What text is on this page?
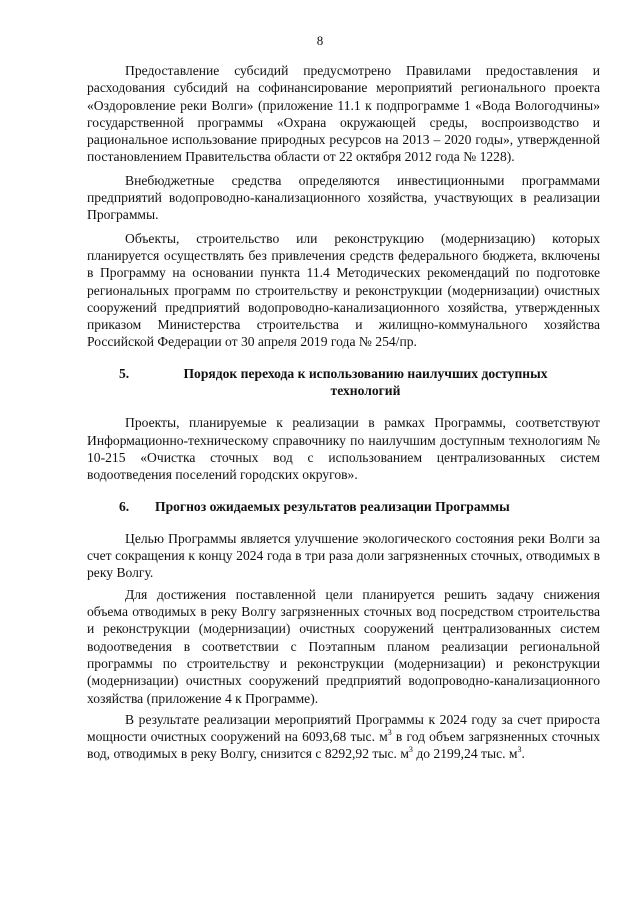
8

Предоставление субсидий предусмотрено Правилами предоставления и расходования субсидий на софинансирование мероприятий регионального проекта «Оздоровление реки Волги» (приложение 11.1 к подпрограмме 1 «Вода Вологодчины» государственной программы «Охрана окружающей среды, воспроизводство и рациональное использование природных ресурсов на 2013 – 2020 годы», утвержденной постановлением Правительства области от 22 октября 2012 года № 1228).

Внебюджетные средства определяются инвестиционными программами предприятий водопроводно-канализационного хозяйства, участвующих в реализации Программы.

Объекты, строительство или реконструкцию (модернизацию) которых планируется осуществлять без привлечения средств федерального бюджета, включены в Программу на основании пункта 11.4 Методических рекомендаций по подготовке региональных программ по строительству и реконструкции (модернизации) очистных сооружений предприятий водопроводно-канализационного хозяйства, утвержденных приказом Министерства строительства и жилищно-коммунального хозяйства Российской Федерации от 30 апреля 2019 года № 254/пр.

5.	Порядок перехода к использованию наилучших доступных технологий

Проекты, планируемые к реализации в рамках Программы, соответствуют Информационно-техническому справочнику по наилучшим доступным технологиям № 10-215 «Очистка сточных вод с использованием централизованных систем водоотведения поселений городских округов».

6.	Прогноз ожидаемых результатов реализации Программы

Целью Программы является улучшение экологического состояния реки Волги за счет сокращения к концу 2024 года в три раза доли загрязненных сточных, отводимых в реку Волгу.

Для достижения поставленной цели планируется решить задачу снижения объема отводимых в реку Волгу загрязненных сточных вод посредством строительства и реконструкции (модернизации) очистных сооружений централизованных систем водоотведения в соответствии с Поэтапным планом реализации региональной программы по строительству и реконструкции (модернизации) и реконструкции (модернизации) очистных сооружений предприятий водопроводно-канализационного хозяйства (приложение 4 к Программе).

В результате реализации мероприятий Программы к 2024 году за счет прироста мощности очистных сооружений на 6093,68 тыс. $м^3$ в год объем загрязненных сточных вод, отводимых в реку Волгу, снизится с 8292,92 тыс. $м^3$ до 2199,24 тыс. $м^3$.
